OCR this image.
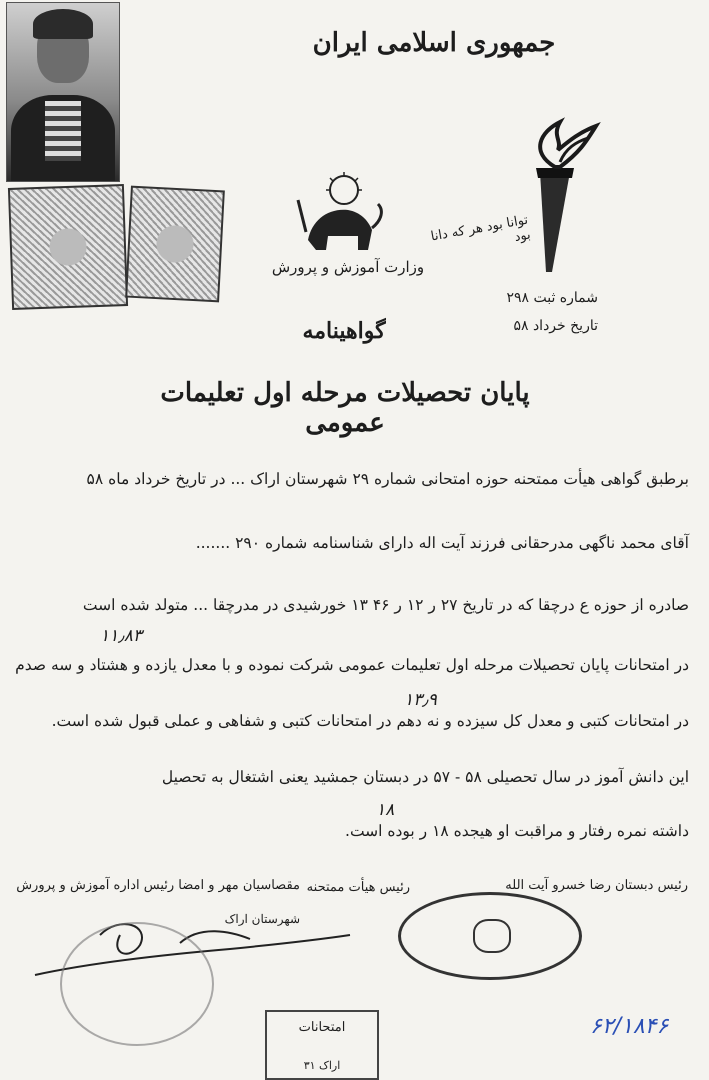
جمهوری اسلامی ایران
وزارت آموزش و پرورش
توانا بود هر که دانا بود
شماره ثبت ۲۹۸
تاریخ خرداد ۵۸
گواهینامه
پایان تحصیلات مرحله اول تعلیمات عمومی
۱۱٫۸۳
۱۳٫۹
۱۸
برطبق گواهی هیأت ممتحنه حوزه امتحانی شماره ۲۹ شهرستان اراک ... در تاریخ خرداد ماه ۵۸
آقای محمد ناگهی مدرحقانی فرزند آیت اله دارای شناسنامه شماره ۲۹۰ .......
صادره از حوزه ع درچقا که در تاریخ ۲۷ ر ۱۲ ر ۴۶ ۱۳ خورشیدی در مدرچقا ... متولد شده است
در امتحانات پایان تحصیلات مرحله اول تعلیمات عمومی شرکت نموده و با معدل یازده و هشتاد و سه صدم
در امتحانات کتبی و معدل کل سیزده و نه دهم در امتحانات کتبی و شفاهی و عملی قبول شده است.
این دانش آموز در سال تحصیلی ۵۸ - ۵۷ در دبستان جمشید یعنی اشتغال به تحصیل
داشته نمره رفتار و مراقبت او هیجده ۱۸ ر بوده است.
رئیس دبستان رضا خسرو آیت الله
رئیس هیأت ممتحنه
مقصاسیان مهر و امضا رئیس اداره آموزش و پرورش
شهرستان اراک
امتحانات
اراک ۳۱
۶۲/۱۸۴۶
